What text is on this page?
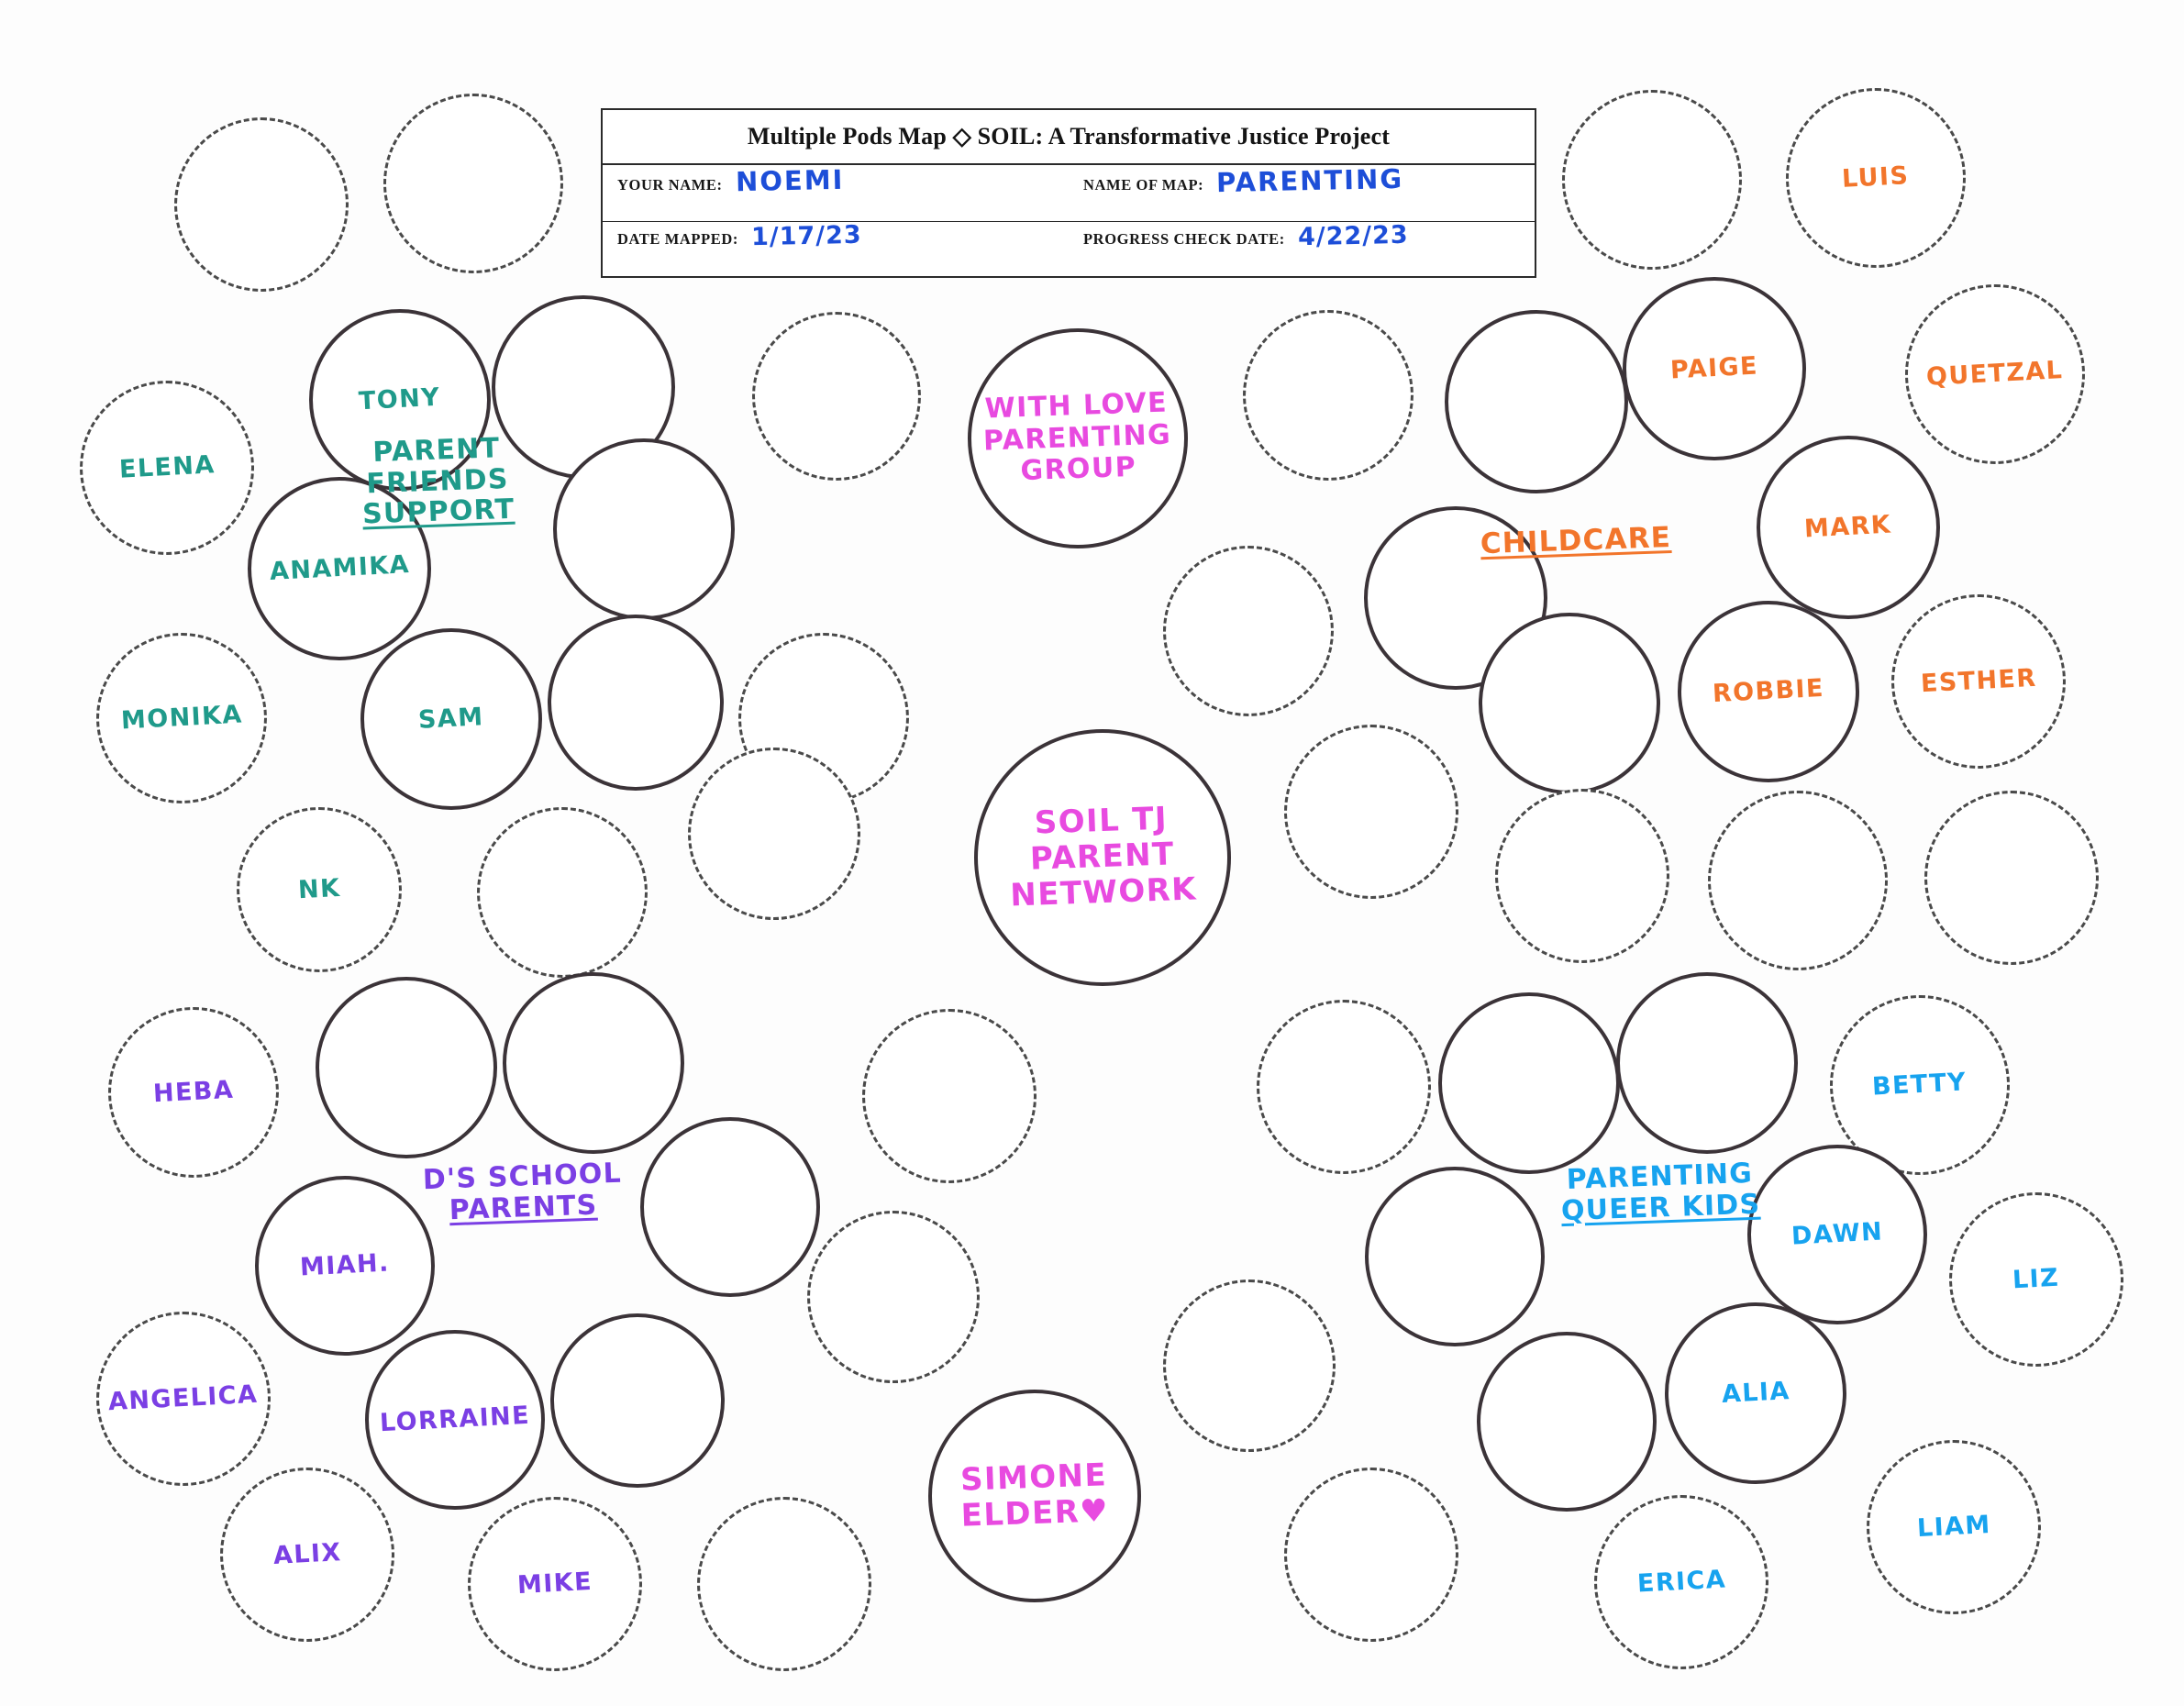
Multiple Pods Map ◇ SOIL: A Transformative Justice Project
YOUR NAME: NOEMI	NAME OF MAP: PARENTING
DATE MAPPED: 1/17/23	PROGRESS CHECK DATE: 4/22/23
LUIS
TONY	WITH LOVE
PARENTING
GROUP
PAIGE	QUETZAL
ELENA
ANAMIKA
MARK
ESTHER
MONIKA	SAM
ROBBIE
NK
SOIL TJ
PARENT
NETWORK
HEBA	BETTY
MIAH.
DAWN
LIZ
ANGELICA
LORRAINE
ALIA
LIAM
SIMONE
ELDER♥
ALIX
MIKE	ERICA
PARENT
FRIENDS
SUPPORT
CHILDCARE
D'S SCHOOL
PARENTS
PARENTING
QUEER KIDS
